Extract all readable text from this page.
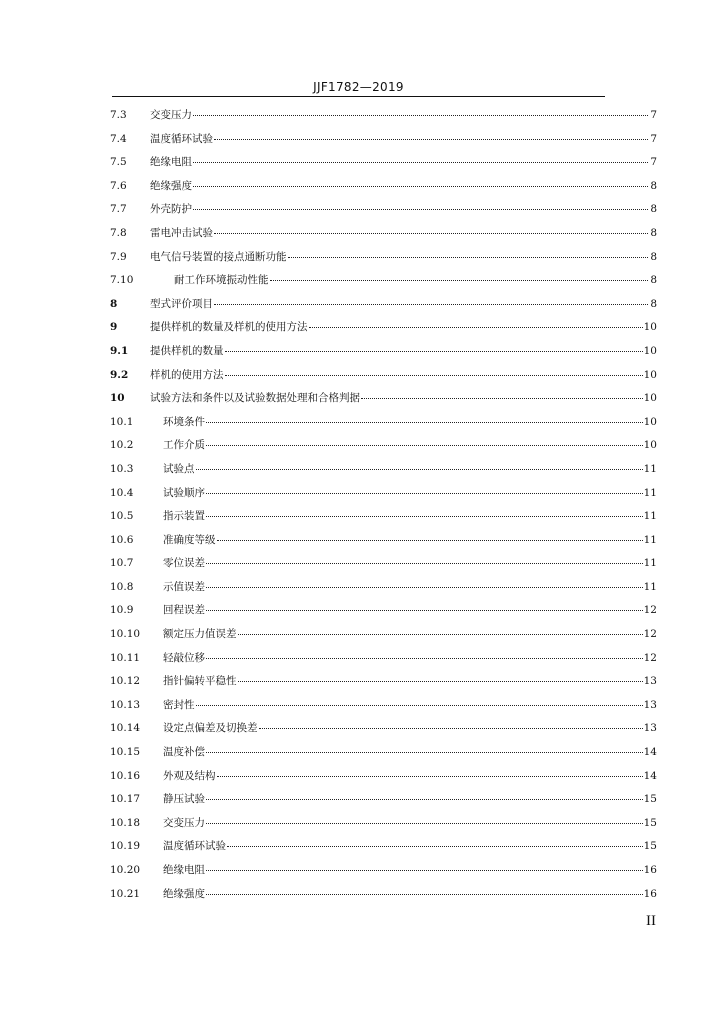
JJF1782—2019
7.3	交变压力	7
7.4	温度循环试验	7
7.5	绝缘电阻	7
7.6	绝缘强度	8
7.7	外壳防护	8
7.8	雷电冲击试验	8
7.9	电气信号装置的接点通断功能	8
7.10	耐工作环境振动性能	8
8	型式评价项目	8
9	提供样机的数量及样机的使用方法	10
9.1	提供样机的数量	10
9.2	样机的使用方法	10
10	试验方法和条件以及试验数据处理和合格判据	10
10.1	环境条件	10
10.2	工作介质	10
10.3	试验点	11
10.4	试验顺序	11
10.5	指示装置	11
10.6	准确度等级	11
10.7	零位误差	11
10.8	示值误差	11
10.9	回程误差	12
10.10	额定压力值误差	12
10.11	轻敲位移	12
10.12	指针偏转平稳性	13
10.13	密封性	13
10.14	设定点偏差及切换差	13
10.15	温度补偿	14
10.16	外观及结构	14
10.17	静压试验	15
10.18	交变压力	15
10.19	温度循环试验	15
10.20	绝缘电阻	16
10.21	绝缘强度	16
II
